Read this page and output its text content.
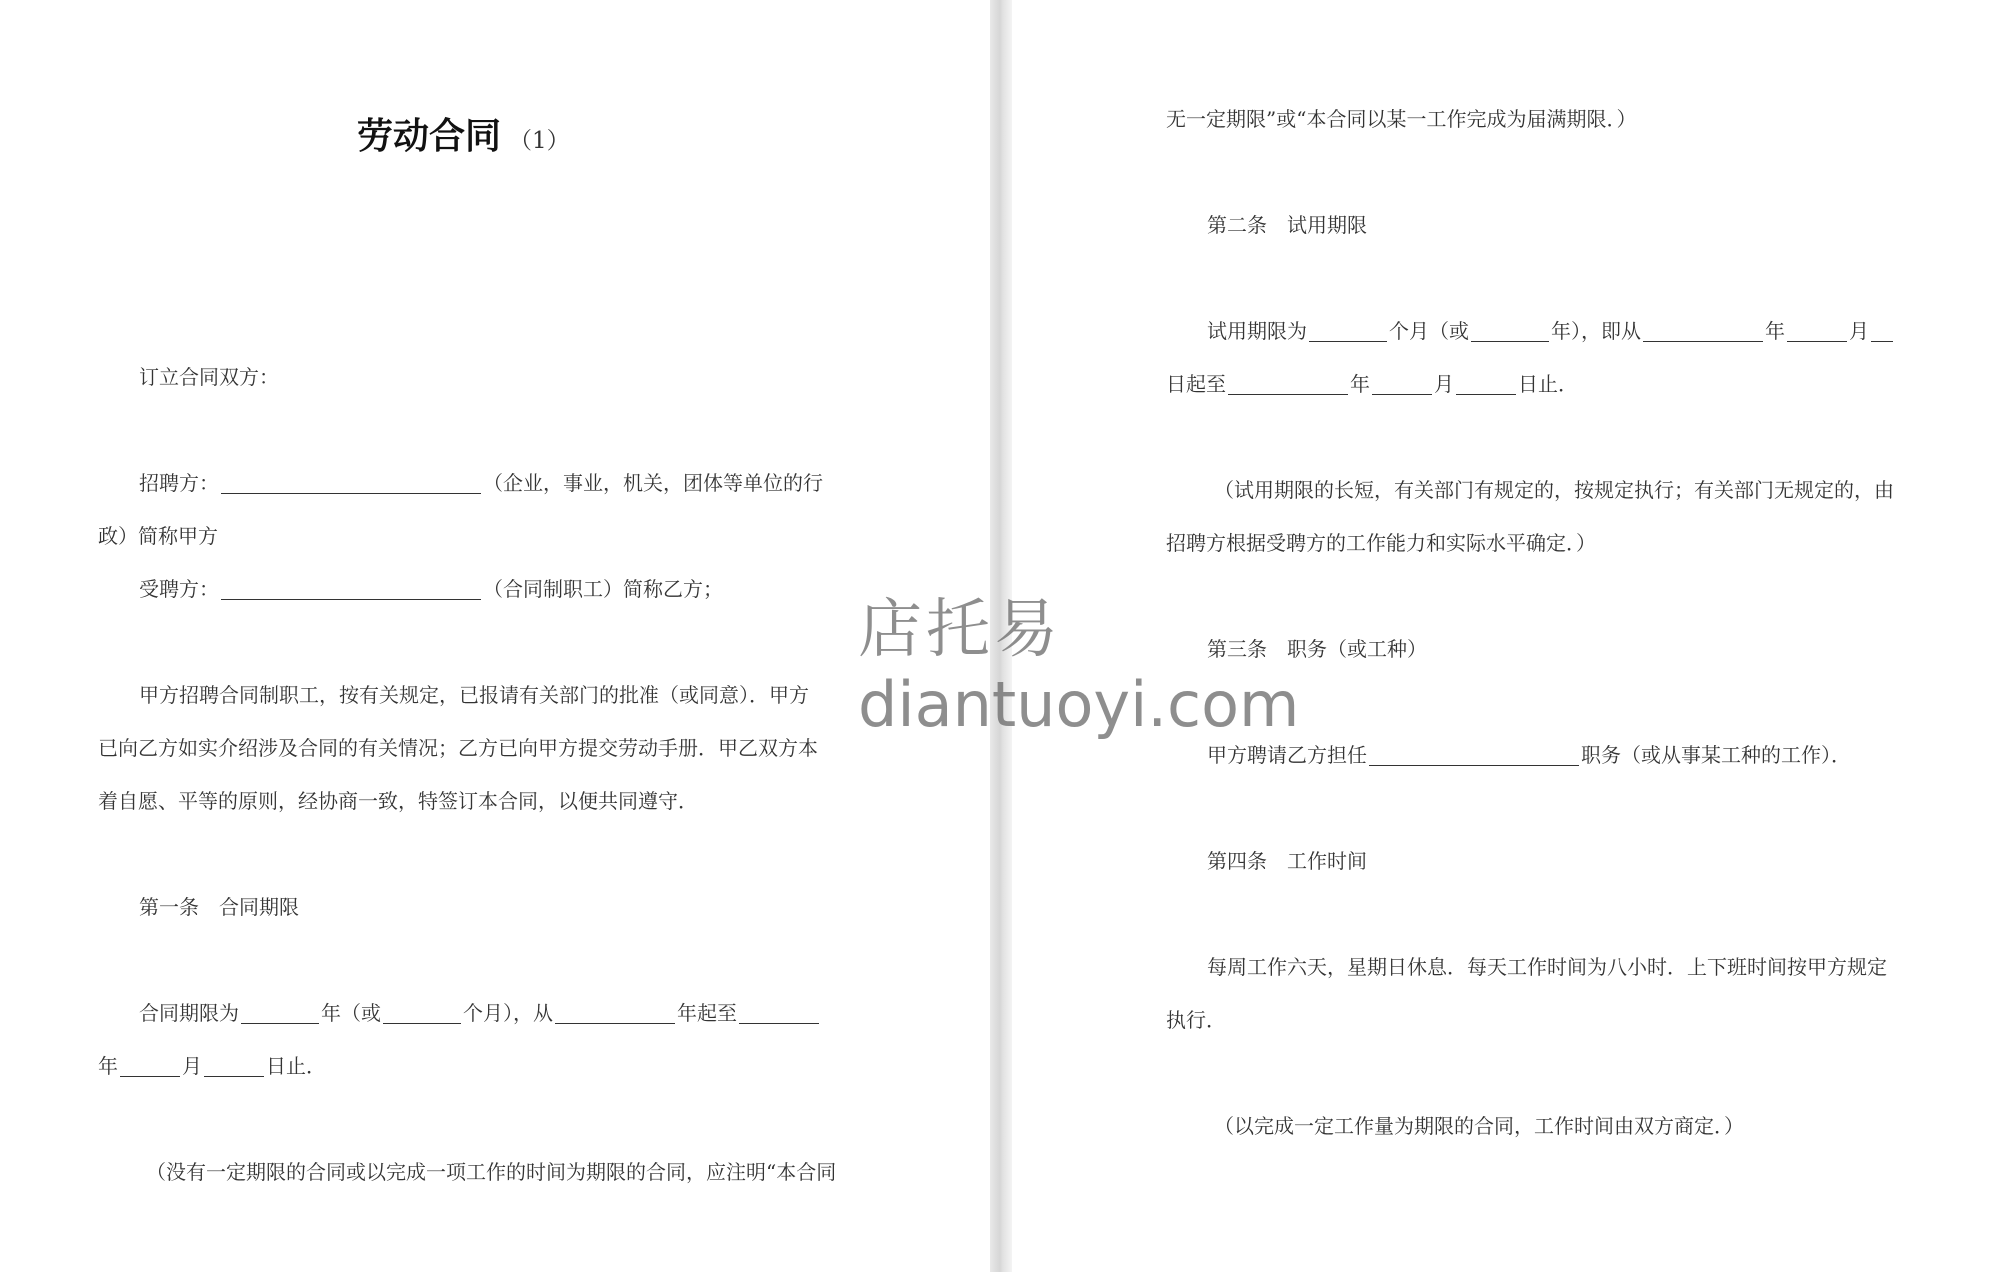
劳动合同 （1）
订立合同双方：
招聘方：	（企业，事业，机关，团体等单位的行
政）简称甲方
受聘方：	（合同制职工）简称乙方；
甲方招聘合同制职工，按有关规定，已报请有关部门的批准（或同意）．甲方
已向乙方如实介绍涉及合同的有关情况；乙方已向甲方提交劳动手册．甲乙双方本
着自愿、平等的原则，经协商一致，特签订本合同，以便共同遵守．
第一条　合同期限
合同期限为	年（或	个月），从	年起至
年	月	日止．
（没有一定期限的合同或以完成一项工作的时间为期限的合同，应注明“本合同
无一定期限”或“本合同以某一工作完成为届满期限．）
第二条　试用期限
试用期限为	个月（或	年），即从	年	月
日起至	年	月	日止．
（试用期限的长短，有关部门有规定的，按规定执行；有关部门无规定的，由
招聘方根据受聘方的工作能力和实际水平确定．）
第三条　职务（或工种）
甲方聘请乙方担任	职务（或从事某工种的工作）．
第四条　工作时间
每周工作六天，星期日休息．每天工作时间为八小时．上下班时间按甲方规定
执行．
（以完成一定工作量为期限的合同，工作时间由双方商定．）
店托易
diantuoyi.com
